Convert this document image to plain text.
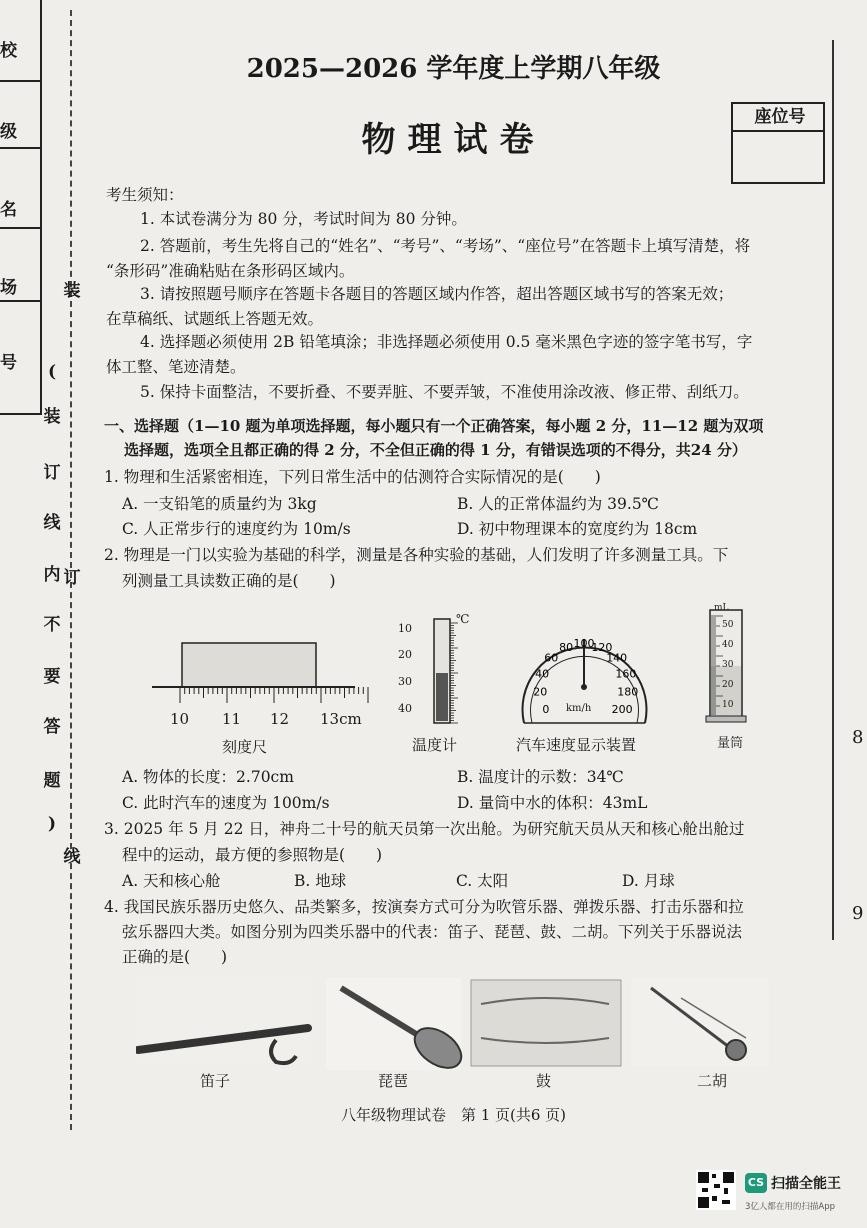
校
级
名
场
号	(
装
订
线
内
不
要
答
题
)
装
订
线
8
9
2025—2026 学年度上学期八年级
物理试卷
座位号
考生须知：
1. 本试卷满分为 80 分，考试时间为 80 分钟。
2. 答题前，考生先将自己的“姓名”、“考号”、“考场”、“座位号”在答题卡上填写清楚，将
“条形码”准确粘贴在条形码区域内。
3. 请按照题号顺序在答题卡各题目的答题区域内作答，超出答题区域书写的答案无效；
在草稿纸、试题纸上答题无效。
4. 选择题必须使用 2B 铅笔填涂；非选择题必须使用 0.5 毫米黑色字迹的签字笔书写，字
体工整、笔迹清楚。
5. 保持卡面整洁，不要折叠、不要弄脏、不要弄皱，不准使用涂改液、修正带、刮纸刀。
一、选择题（1—10 题为单项选择题，每小题只有一个正确答案，每小题 2 分，11—12 题为双项
选择题，选项全且都正确的得 2 分，不全但正确的得 1 分，有错误选项的不得分，共24 分）
1. 物理和生活紧密相连，下列日常生活中的估测符合实际情况的是(　　)
A. 一支铅笔的质量约为 3kg	B. 人的正常体温约为 39.5℃
C. 人正常步行的速度约为 10m/s	D. 初中物理课本的宽度约为 18cm
2. 物理是一门以实验为基础的科学，测量是各种实验的基础，人们发明了许多测量工具。下
列测量工具读数正确的是(　　)
10 11 12 13cm
刻度尺
10
20
30
40
℃
温度计
0
20
40
60
80 100
120
140
160
180
200
km/h
汽车速度显示装置
mL
50
40
30
20
10
量筒
A. 物体的长度：2.70cm	B. 温度计的示数：34℃
C. 此时汽车的速度为 100m/s	D. 量筒中水的体积：43mL
3. 2025 年 5 月 22 日，神舟二十号的航天员第一次出舱。为研究航天员从天和核心舱出舱过
程中的运动，最方便的参照物是(　　)
A. 天和核心舱	B. 地球	C. 太阳	D. 月球
4. 我国民族乐器历史悠久、品类繁多，按演奏方式可分为吹管乐器、弹拨乐器、打击乐器和拉
弦乐器四大类。如图分别为四类乐器中的代表：笛子、琵琶、鼓、二胡。下列关于乐器说法
正确的是(　　)
笛子	琵琶	鼓	二胡
八年级物理试卷　第 1 页(共6 页)
CS 扫描全能王
3亿人都在用的扫描App
